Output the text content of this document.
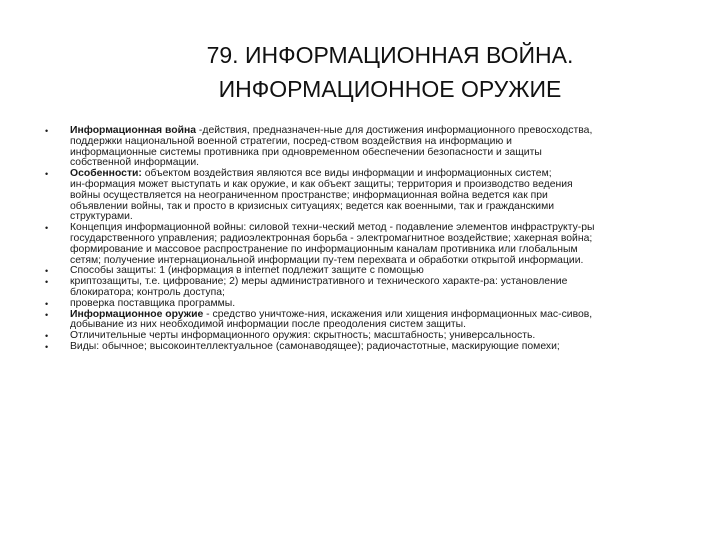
79. ИНФОРМАЦИОННАЯ ВОЙНА.
ИНФОРМАЦИОННОЕ ОРУЖИЕ
• Информационная война -действия, предназначен-ные для достижения информационного превосходства,
поддержки национальной военной стратегии, посред-ством воздействия на информацию и
информационные системы противника при одновременном обеспечении безопасности и защиты
собственной информации.
• Особенности: объектом воздействия являются все виды информации и информационных систем;
ин-формация может выступать и как оружие, и как объект защиты; территория и производство ведения
войны осуществляется на неограниченном пространстве; информационная война ведется как при
объявлении войны, так и просто в кризисных ситуациях; ведется как военными, так и гражданскими
структурами.
• Концепция информационной войны: силовой техни-ческий метод - подавление элементов инфраструкту-ры
государственного управления; радиоэлектронная борьба - электромагнитное воздействие; хакерная война;
формирование и массовое распространение по информационным каналам противника или глобальным
сетям; получение интернациональной информации пу-тем перехвата и обработки открытой информации.
• Способы защиты: 1 (информация в internet подлежит защите с помощью
• криптозащиты, т.е. цифрование; 2) меры административного и технического характе-ра: установление
блокиратора; контроль доступа;
• проверка поставщика программы.
• Информационное оружие - средство уничтоже-ния, искажения или хищения информационных мас-сивов,
добывание из них необходимой информации после преодоления систем защиты.
• Отличительные черты информационного оружия: скрытность; масштабность; универсальность.
• Виды: обычное; высокоинтеллектуальное (самонаводящее); радиочастотные, маскирующие помехи;
